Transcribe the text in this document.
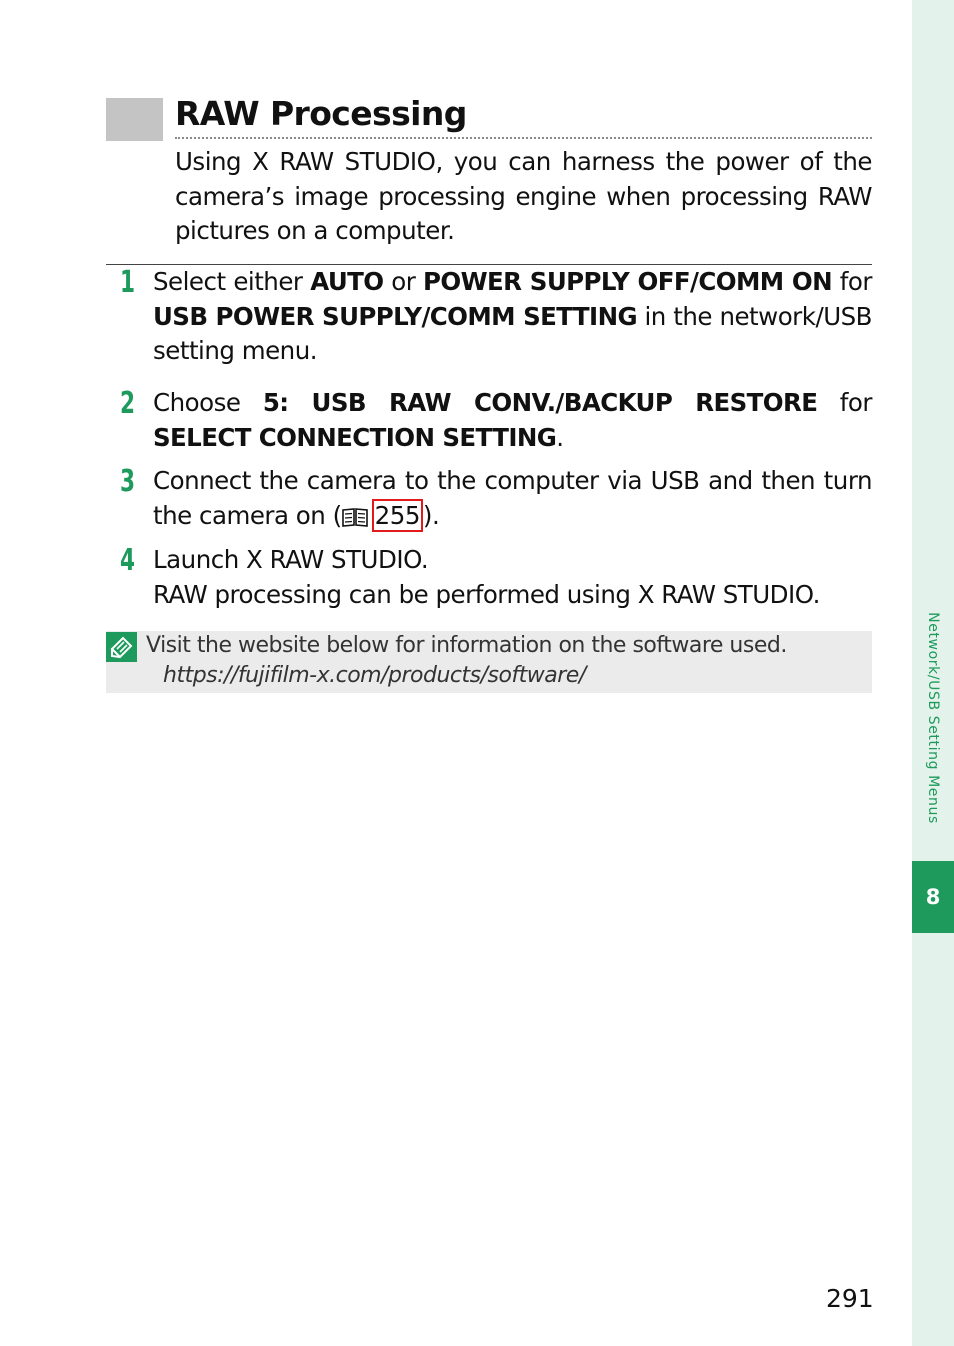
Network/USB Setting Menus
8
RAW Processing

Using X RAW STUDIO, you can harness the power of the camera’s image processing engine when processing RAW pictures on a computer.

1 Select either AUTO or POWER SUPPLY OFF/COMM ON for USB POWER SUPPLY/COMM SETTING in the network/USB setting menu.
2 Choose 5: USB RAW CONV./BACKUP RESTORE for SELECT CONNECTION SETTING.
3 Connect the camera to the computer via USB and then turn the camera on ( 255 ).
4 Launch X RAW STUDIO.
RAW processing can be performed using X RAW STUDIO.
Visit the website below for information on the software used.
https://fujifilm-x.com/products/software/
291
